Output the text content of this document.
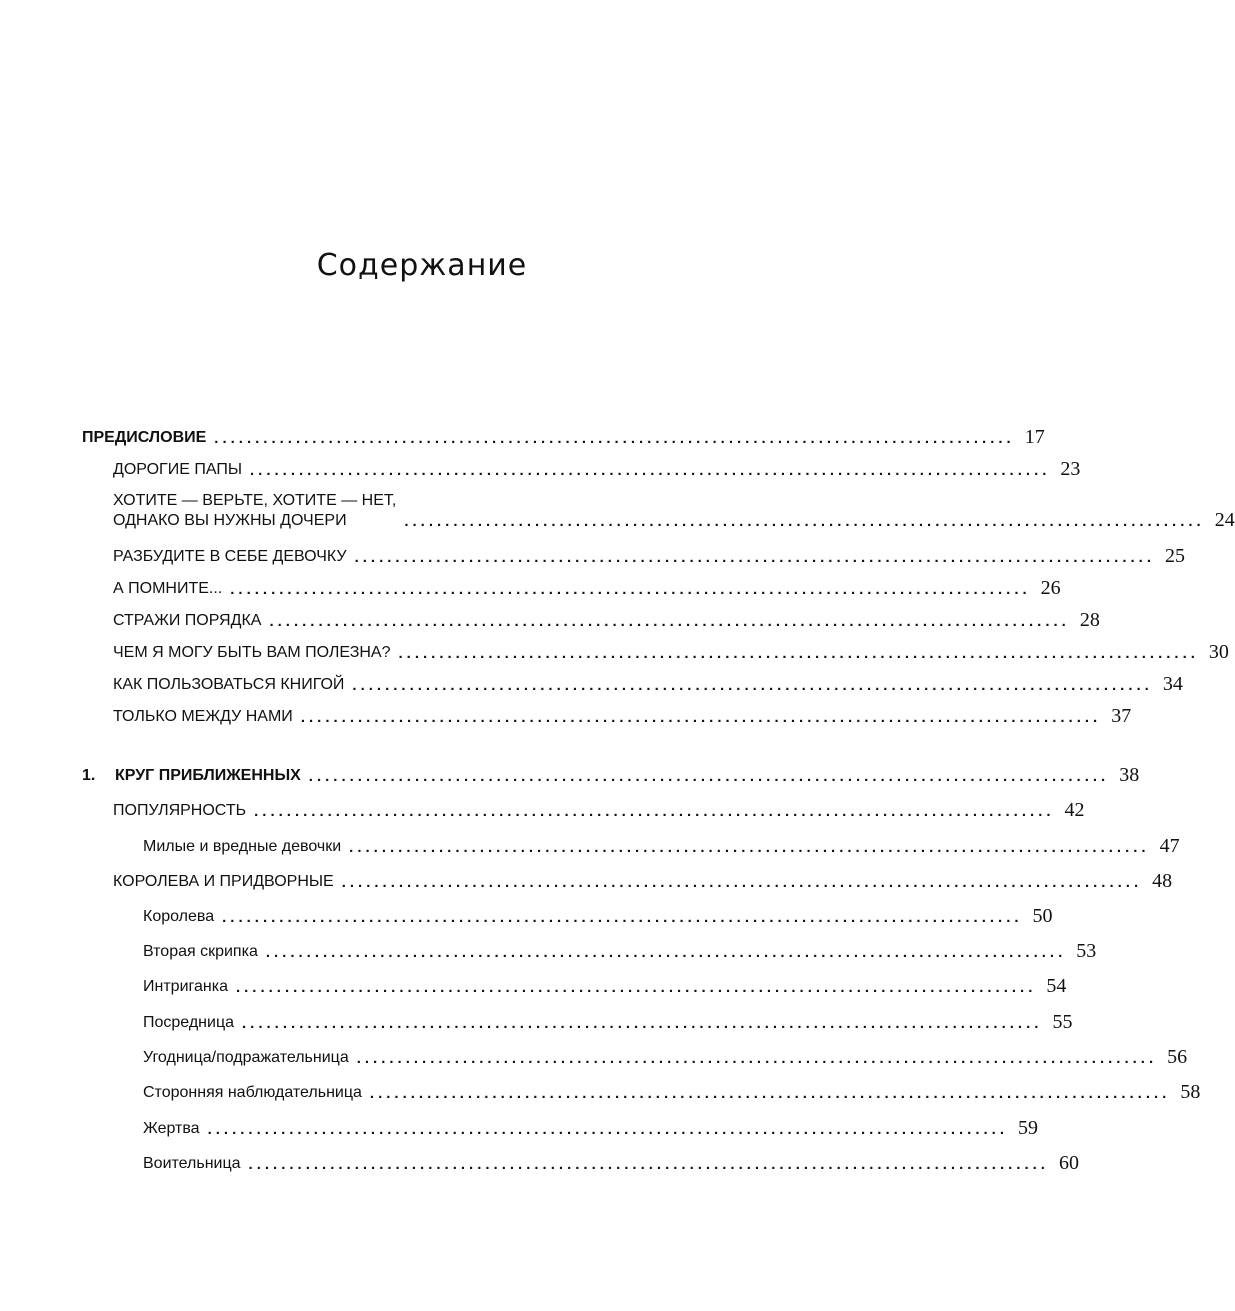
Содержание
ПРЕДИСЛОВИЕ .................................................................................................. 17
ДОРОГИЕ ПАПЫ .................................................................................................. 23
ХОТИТЕ — ВЕРЬТЕ, ХОТИТЕ — НЕТ,
ОДНАКО ВЫ НУЖНЫ ДОЧЕРИ	.................................................................................................. 24
РАЗБУДИТЕ В СЕБЕ ДЕВОЧКУ .................................................................................................. 25
А ПОМНИТЕ... .................................................................................................. 26
СТРАЖИ ПОРЯДКА .................................................................................................. 28
ЧЕМ Я МОГУ БЫТЬ ВАМ ПОЛЕЗНА? .................................................................................................. 30
КАК ПОЛЬЗОВАТЬСЯ КНИГОЙ .................................................................................................. 34
ТОЛЬКО МЕЖДУ НАМИ .................................................................................................. 37
1.	КРУГ ПРИБЛИЖЕННЫХ .................................................................................................. 38
ПОПУЛЯРНОСТЬ .................................................................................................. 42
Милые и вредные девочки .................................................................................................. 47
КОРОЛЕВА И ПРИДВОРНЫЕ .................................................................................................. 48
Королева .................................................................................................. 50
Вторая скрипка .................................................................................................. 53
Интриганка .................................................................................................. 54
Посредница .................................................................................................. 55
Угодница/подражательница .................................................................................................. 56
Сторонняя наблюдательница .................................................................................................. 58
Жертва .................................................................................................. 59
Воительница .................................................................................................. 60
